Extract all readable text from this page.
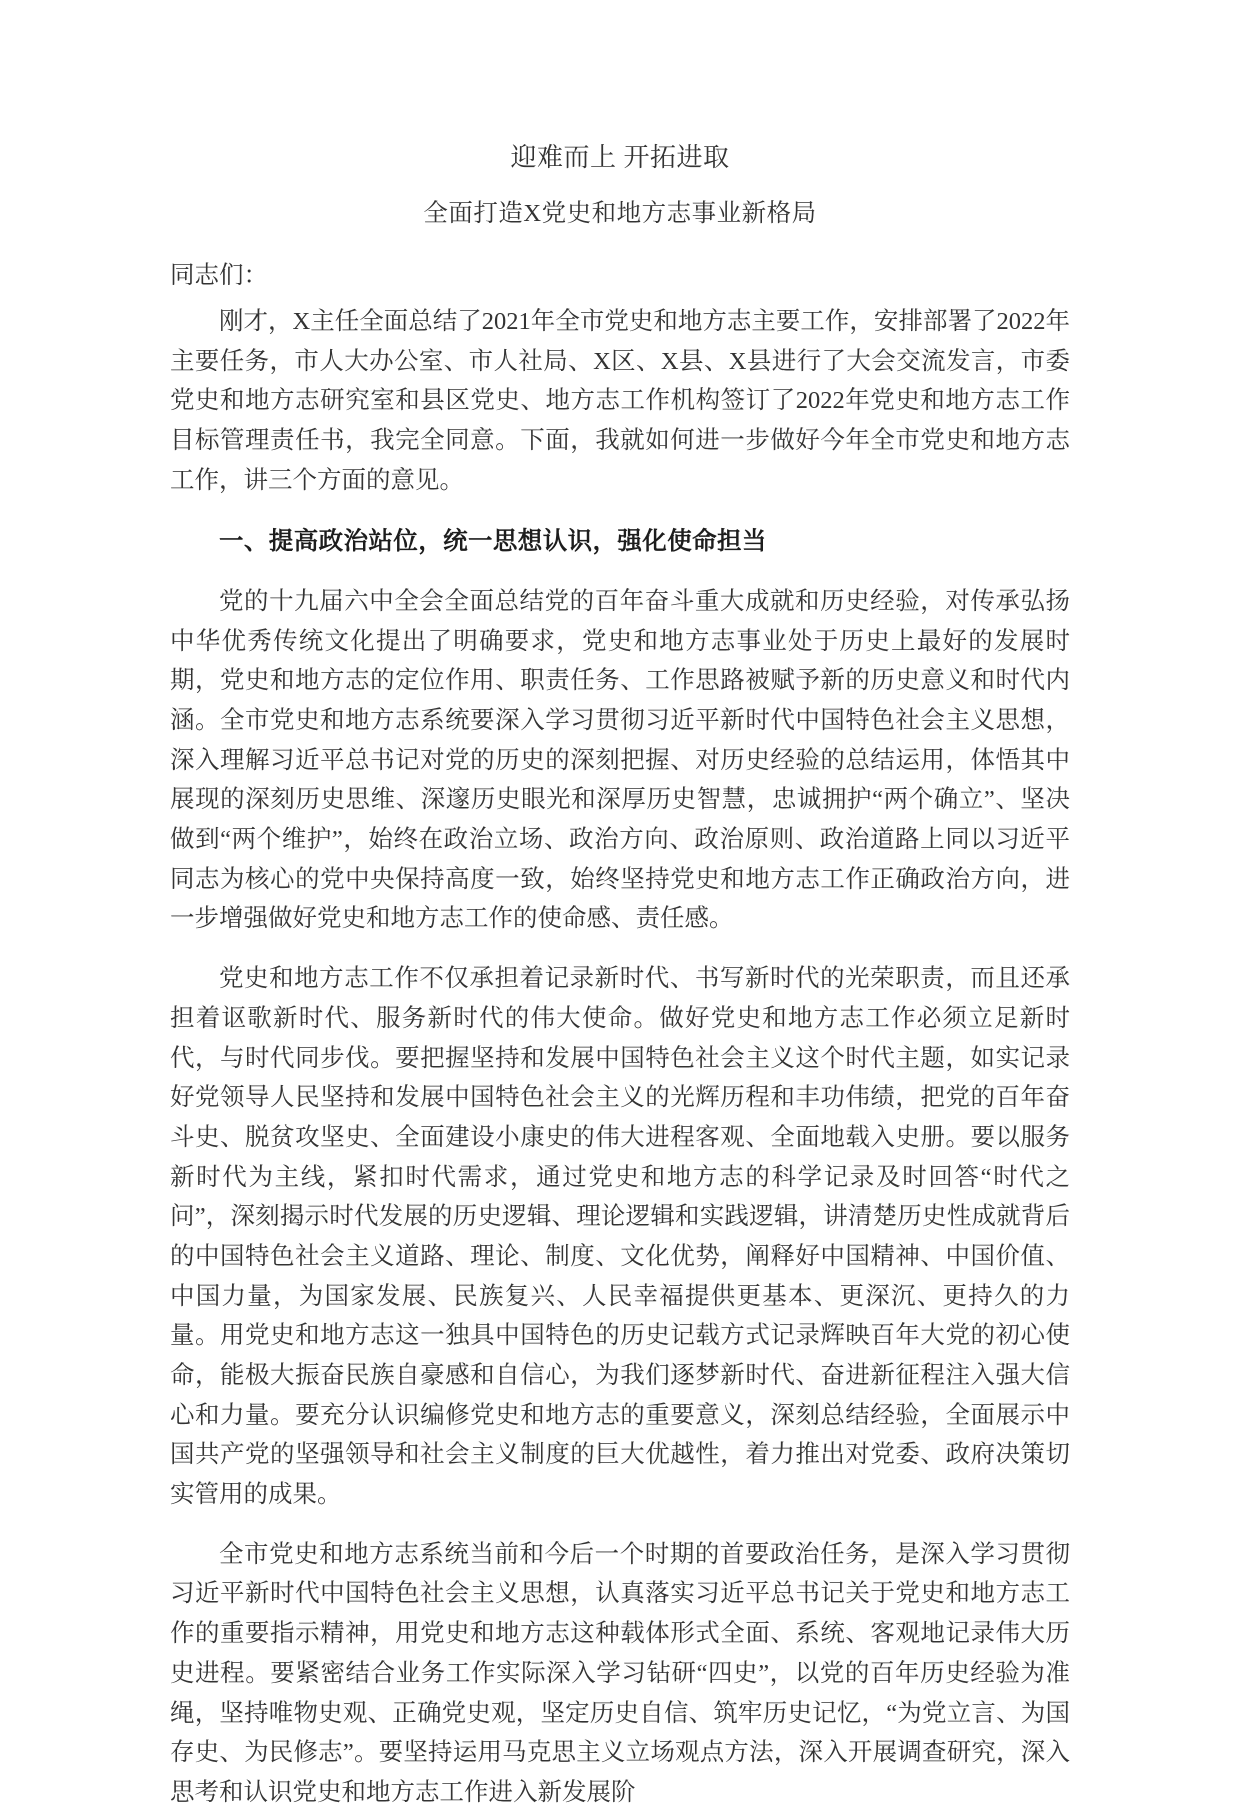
迎难而上 开拓进取
全面打造X党史和地方志事业新格局
同志们：

刚才，X主任全面总结了2021年全市党史和地方志主要工作，安排部署了2022年主要任务，市人大办公室、市人社局、X区、X县、X县进行了大会交流发言，市委党史和地方志研究室和县区党史、地方志工作机构签订了2022年党史和地方志工作目标管理责任书，我完全同意。下面，我就如何进一步做好今年全市党史和地方志工作，讲三个方面的意见。

一、提高政治站位，统一思想认识，强化使命担当

党的十九届六中全会全面总结党的百年奋斗重大成就和历史经验，对传承弘扬中华优秀传统文化提出了明确要求，党史和地方志事业处于历史上最好的发展时期，党史和地方志的定位作用、职责任务、工作思路被赋予新的历史意义和时代内涵。全市党史和地方志系统要深入学习贯彻习近平新时代中国特色社会主义思想，深入理解习近平总书记对党的历史的深刻把握、对历史经验的总结运用，体悟其中展现的深刻历史思维、深邃历史眼光和深厚历史智慧，忠诚拥护“两个确立”、坚决做到“两个维护”，始终在政治立场、政治方向、政治原则、政治道路上同以习近平同志为核心的党中央保持高度一致，始终坚持党史和地方志工作正确政治方向，进一步增强做好党史和地方志工作的使命感、责任感。

党史和地方志工作不仅承担着记录新时代、书写新时代的光荣职责，而且还承担着讴歌新时代、服务新时代的伟大使命。做好党史和地方志工作必须立足新时代，与时代同步伐。要把握坚持和发展中国特色社会主义这个时代主题，如实记录好党领导人民坚持和发展中国特色社会主义的光辉历程和丰功伟绩，把党的百年奋斗史、脱贫攻坚史、全面建设小康史的伟大进程客观、全面地载入史册。要以服务新时代为主线，紧扣时代需求，通过党史和地方志的科学记录及时回答“时代之问”，深刻揭示时代发展的历史逻辑、理论逻辑和实践逻辑，讲清楚历史性成就背后的中国特色社会主义道路、理论、制度、文化优势，阐释好中国精神、中国价值、中国力量，为国家发展、民族复兴、人民幸福提供更基本、更深沉、更持久的力量。用党史和地方志这一独具中国特色的历史记载方式记录辉映百年大党的初心使命，能极大振奋民族自豪感和自信心，为我们逐梦新时代、奋进新征程注入强大信心和力量。要充分认识编修党史和地方志的重要意义，深刻总结经验，全面展示中国共产党的坚强领导和社会主义制度的巨大优越性，着力推出对党委、政府决策切实管用的成果。

全市党史和地方志系统当前和今后一个时期的首要政治任务，是深入学习贯彻习近平新时代中国特色社会主义思想，认真落实习近平总书记关于党史和地方志工作的重要指示精神，用党史和地方志这种载体形式全面、系统、客观地记录伟大历史进程。要紧密结合业务工作实际深入学习钻研“四史”，以党的百年历史经验为准绳，坚持唯物史观、正确党史观，坚定历史自信、筑牢历史记忆，“为党立言、为国存史、为民修志”。要坚持运用马克思主义立场观点方法，深入开展调查研究，深入思考和认识党史和地方志工作进入新发展阶
